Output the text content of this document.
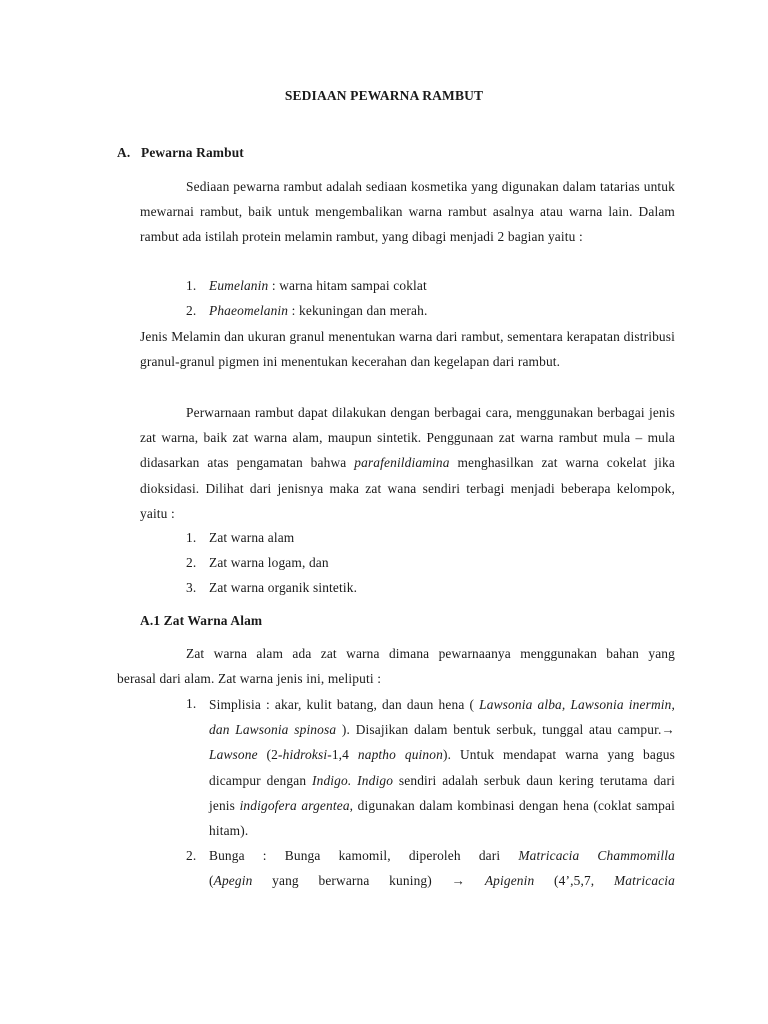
SEDIAAN PEWARNA RAMBUT
A. Pewarna Rambut
Sediaan pewarna rambut adalah sediaan kosmetika yang digunakan dalam tatarias untuk mewarnai rambut, baik untuk mengembalikan warna rambut asalnya atau warna lain. Dalam rambut ada istilah protein melamin rambut, yang dibagi menjadi 2 bagian yaitu :
1. Eumelanin : warna hitam sampai coklat
2. Phaeomelanin : kekuningan dan merah.
Jenis Melamin dan ukuran granul menentukan warna dari rambut, sementara kerapatan distribusi granul-granul pigmen ini menentukan kecerahan dan kegelapan dari rambut.
Perwarnaan rambut dapat dilakukan dengan berbagai cara, menggunakan berbagai jenis zat warna, baik zat warna alam, maupun sintetik. Penggunaan zat warna rambut mula – mula didasarkan atas pengamatan bahwa parafenildiamina menghasilkan zat warna cokelat jika dioksidasi. Dilihat dari jenisnya maka zat wana sendiri terbagi menjadi beberapa kelompok, yaitu :
1. Zat warna alam
2. Zat warna logam, dan
3. Zat warna organik sintetik.
A.1 Zat Warna Alam
Zat warna alam ada zat warna dimana pewarnaanya menggunakan bahan yang
berasal dari alam. Zat warna jenis ini, meliputi :
1. Simplisia : akar, kulit batang, dan daun hena ( Lawsonia alba, Lawsonia inermin, dan Lawsonia spinosa ). Disajikan dalam bentuk serbuk, tunggal atau campur.→ Lawsone (2-hidroksi-1,4 naptho quinon). Untuk mendapat warna yang bagus dicampur dengan Indigo. Indigo sendiri adalah serbuk daun kering terutama dari jenis indigofera argentea, digunakan dalam kombinasi dengan hena (coklat sampai hitam).
2. Bunga : Bunga kamomil, diperoleh dari Matricacia Chammomilla
(Apegin yang berwarna kuning) → Apigenin (4’,5,7, Matricacia
